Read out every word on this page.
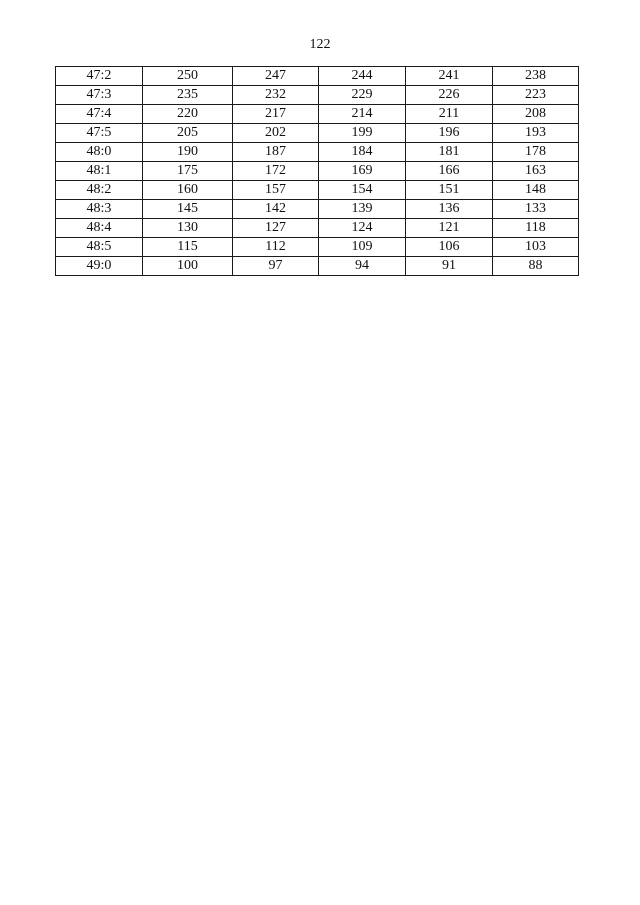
122
47:2	250	247	244	241	238
47:3	235	232	229	226	223
47:4	220	217	214	211	208
47:5	205	202	199	196	193
48:0	190	187	184	181	178
48:1	175	172	169	166	163
48:2	160	157	154	151	148
48:3	145	142	139	136	133
48:4	130	127	124	121	118
48:5	115	112	109	106	103
49:0	100	97	94	91	88
